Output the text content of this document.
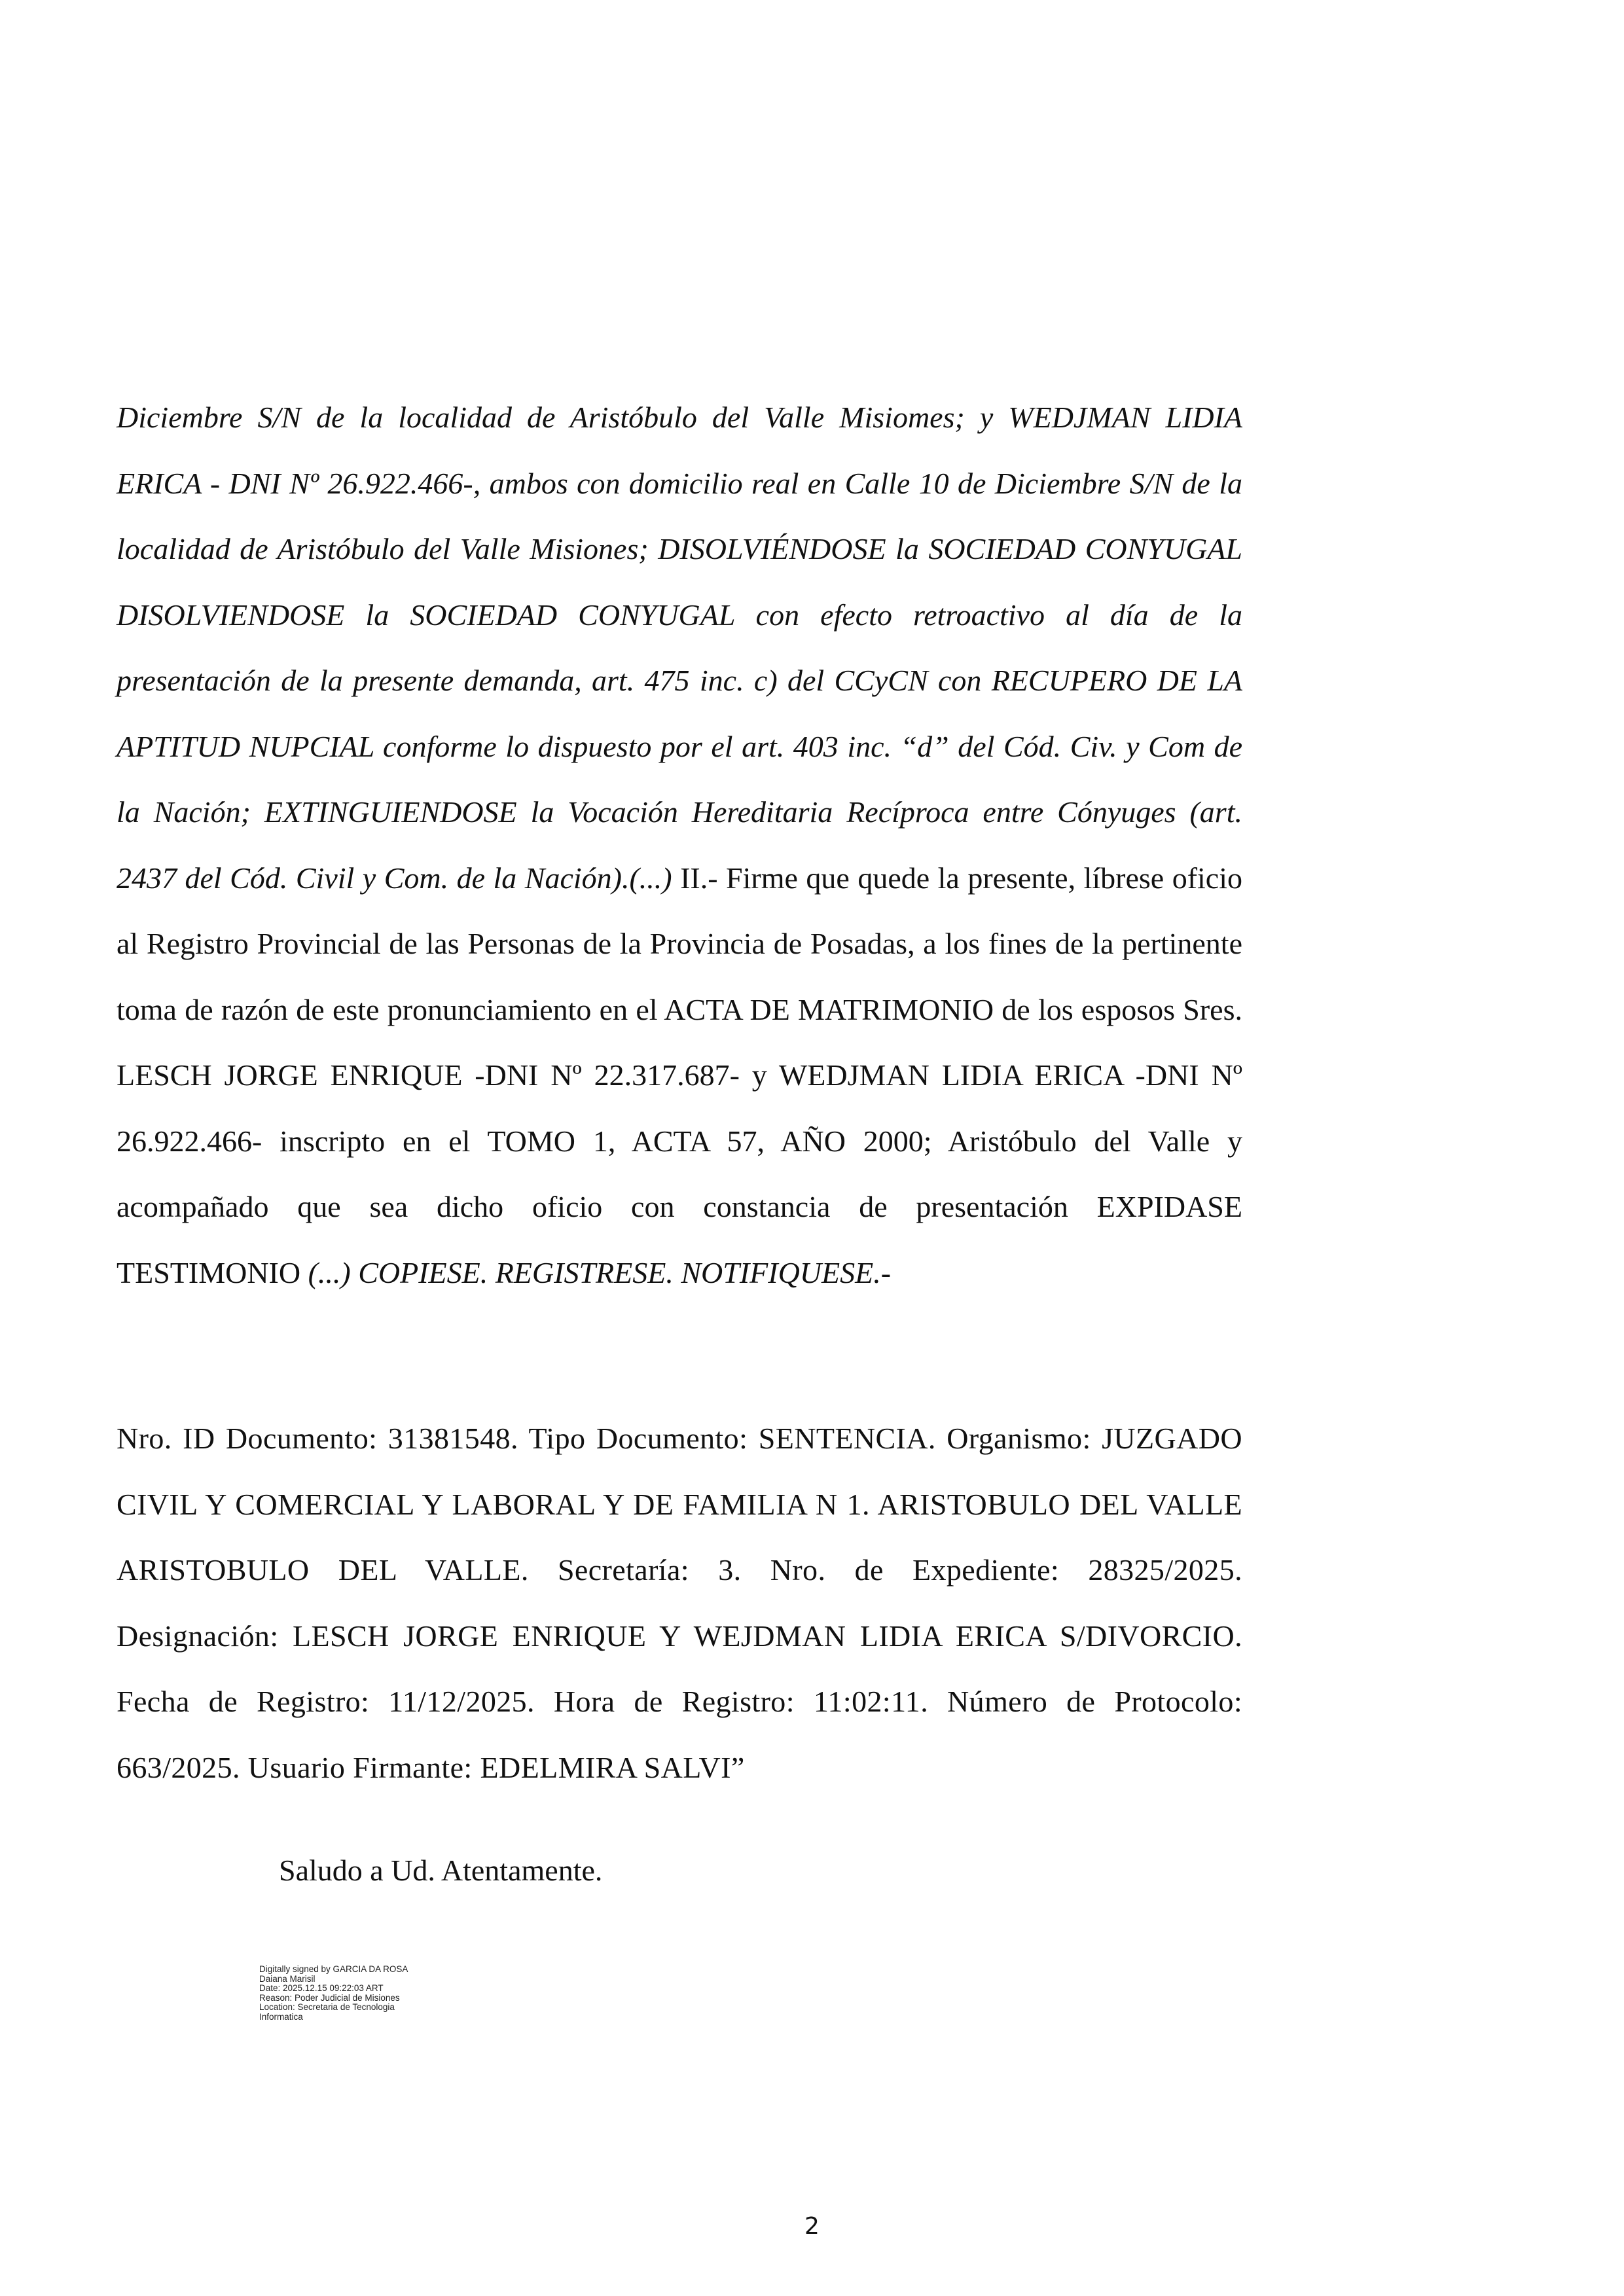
Diciembre S/N de la localidad de Aristóbulo del Valle Misiomes; y WEDJMAN LIDIA ERICA - DNI Nº 26.922.466-, ambos con domicilio real en Calle 10 de Diciembre S/N de la localidad de Aristóbulo del Valle Misiones; DISOLVIÉNDOSE la SOCIEDAD CONYUGAL DISOLVIENDOSE la SOCIEDAD CONYUGAL con efecto retroactivo al día de la presentación de la presente demanda, art. 475 inc. c) del CCyCN con RECUPERO DE LA APTITUD NUPCIAL conforme lo dispuesto por el art. 403 inc. “d” del Cód. Civ. y Com de la Nación; EXTINGUIENDOSE la Vocación Hereditaria Recíproca entre Cónyuges (art. 2437 del Cód. Civil y Com. de la Nación).(...) II.- Firme que quede la presente, líbrese oficio al Registro Provincial de las Personas de la Provincia de Posadas, a los fines de la pertinente toma de razón de este pronunciamiento en el ACTA DE MATRIMONIO de los esposos Sres. LESCH JORGE ENRIQUE -DNI Nº 22.317.687- y WEDJMAN LIDIA ERICA -DNI Nº 26.922.466- inscripto en el TOMO 1, ACTA 57, AÑO 2000; Aristóbulo del Valle y acompañado que sea dicho oficio con constancia de presentación EXPIDASE TESTIMONIO (...) COPIESE. REGISTRESE. NOTIFIQUESE.-
Nro. ID Documento: 31381548. Tipo Documento: SENTENCIA. Organismo: JUZGADO CIVIL Y COMERCIAL Y LABORAL Y DE FAMILIA N 1. ARISTOBULO DEL VALLE ARISTOBULO DEL VALLE. Secretaría: 3. Nro. de Expediente: 28325/2025. Designación: LESCH JORGE ENRIQUE Y WEJDMAN LIDIA ERICA S/DIVORCIO. Fecha de Registro: 11/12/2025. Hora de Registro: 11:02:11. Número de Protocolo: 663/2025. Usuario Firmante: EDELMIRA SALVI”
Saludo a Ud. Atentamente.
Digitally signed by GARCIA DA ROSA
Daiana Marisil
Date: 2025.12.15 09:22:03 ART
Reason: Poder Judicial de Misiones
Location: Secretaria de Tecnologia
Informatica
2
